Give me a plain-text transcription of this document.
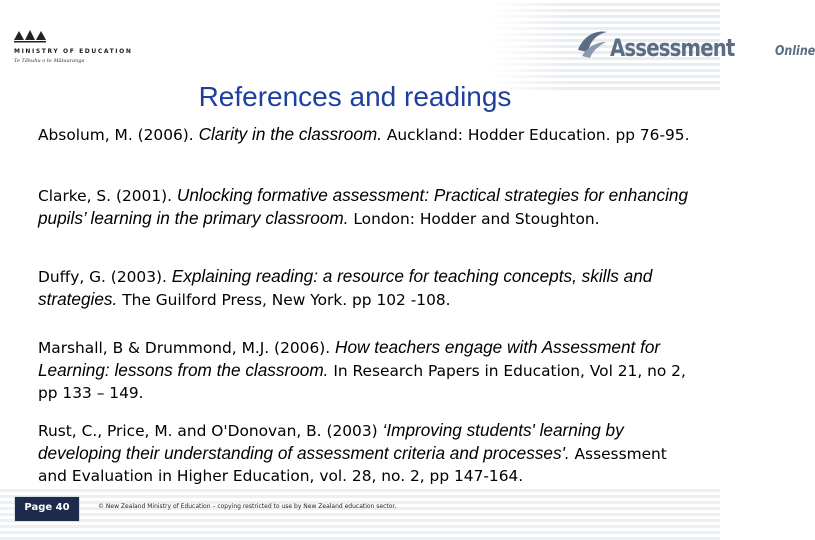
MINISTRY OF EDUCATION
Te Tāhuhu o te Mātauranga	Assessment	Online
References and readings

Absolum, M. (2006). Clarity in the classroom. Auckland: Hodder Education. pp 76-95.

Clarke, S. (2001). Unlocking formative assessment: Practical strategies for enhancing pupils’ learning in the primary classroom. London: Hodder and Stoughton.

Duffy, G. (2003). Explaining reading: a resource for teaching concepts, skills and strategies. The Guilford Press, New York. pp 102 -108.

Marshall, B & Drummond, M.J. (2006). How teachers engage with Assessment for Learning: lessons from the classroom. In Research Papers in Education, Vol 21, no 2, pp 133 – 149.

Rust, C., Price, M. and O'Donovan, B. (2003) ‘Improving students' learning by developing their understanding of assessment criteria and processes'. Assessment and Evaluation in Higher Education, vol. 28, no. 2, pp 147-164.

Page 40	© New Zealand Ministry of Education – copying restricted to use by New Zealand education sector.
